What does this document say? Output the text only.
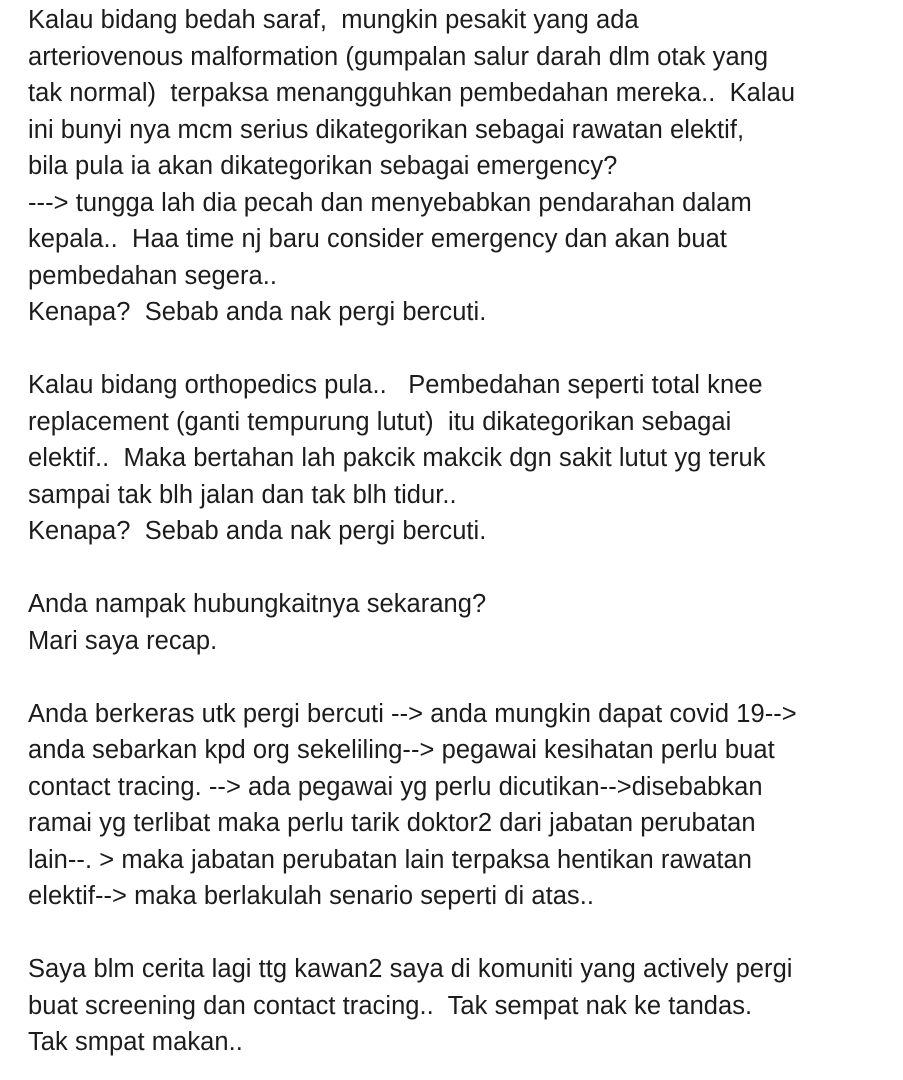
Kalau bidang bedah saraf,  mungkin pesakit yang ada
arteriovenous malformation (gumpalan salur darah dlm otak yang
tak normal)  terpaksa menangguhkan pembedahan mereka..  Kalau
ini bunyi nya mcm serius dikategorikan sebagai rawatan elektif,
bila pula ia akan dikategorikan sebagai emergency?
---> tungga lah dia pecah dan menyebabkan pendarahan dalam
kepala..  Haa time nj baru consider emergency dan akan buat
pembedahan segera..
Kenapa?  Sebab anda nak pergi bercuti.
Kalau bidang orthopedics pula..   Pembedahan seperti total knee
replacement (ganti tempurung lutut)  itu dikategorikan sebagai
elektif..  Maka bertahan lah pakcik makcik dgn sakit lutut yg teruk
sampai tak blh jalan dan tak blh tidur..
Kenapa?  Sebab anda nak pergi bercuti.
Anda nampak hubungkaitnya sekarang?
Mari saya recap.
Anda berkeras utk pergi bercuti --> anda mungkin dapat covid 19-->
anda sebarkan kpd org sekeliling--> pegawai kesihatan perlu buat
contact tracing. --> ada pegawai yg perlu dicutikan-->disebabkan
ramai yg terlibat maka perlu tarik doktor2 dari jabatan perubatan
lain--. > maka jabatan perubatan lain terpaksa hentikan rawatan
elektif--> maka berlakulah senario seperti di atas..
Saya blm cerita lagi ttg kawan2 saya di komuniti yang actively pergi
buat screening dan contact tracing..  Tak sempat nak ke tandas.
Tak smpat makan..
